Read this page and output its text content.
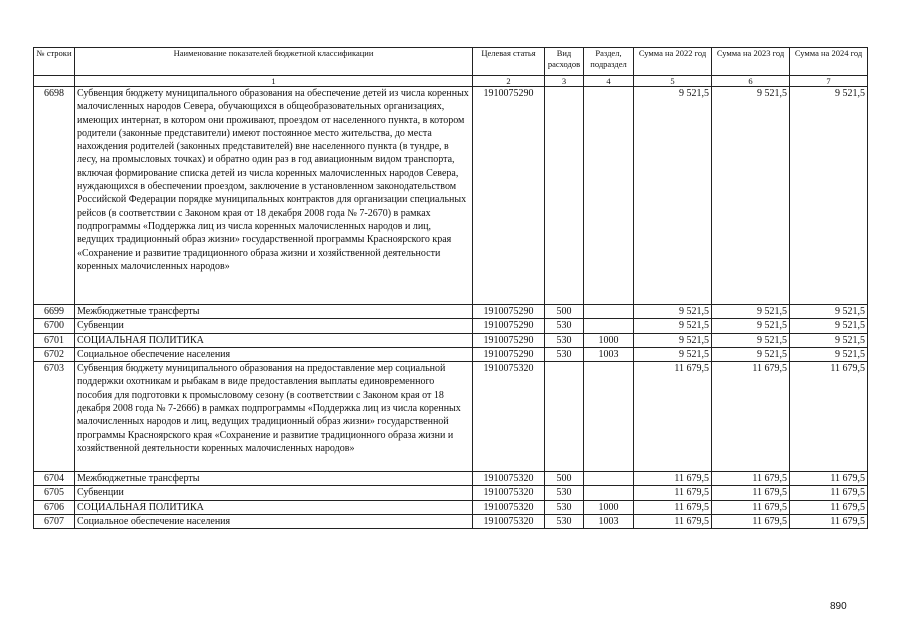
№ строки	Наименование показателей бюджетной классификации	Целевая статья	Вид расходов	Раздел, подраздел	Сумма на 2022 год	Сумма на 2023 год	Сумма на 2024 год
	1	2	3	4	5	6	7
6698	Субвенция бюджету муниципального образования на обеспечение детей из числа коренных малочисленных народов Севера, обучающихся в общеобразовательных организациях, имеющих интернат, в котором они проживают, проездом от населенного пункта, в котором родители (законные представители) имеют постоянное место жительства, до места нахождения родителей (законных представителей) вне населенного пункта (в тундре, в лесу, на промысловых точках) и обратно один раз в год авиационным видом транспорта, включая формирование списка детей из числа коренных малочисленных народов Севера, нуждающихся в обеспечении проездом, заключение в установленном законодательством Российской Федерации порядке муниципальных контрактов для организации специальных рейсов (в соответствии с Законом края от 18 декабря 2008 года № 7-2670) в рамках подпрограммы «Поддержка лиц из числа коренных малочисленных народов и лиц, ведущих традиционный образ жизни» государственной программы Красноярского края «Сохранение и развитие традиционного образа жизни и хозяйственной деятельности коренных малочисленных народов»	1910075290			9 521,5	9 521,5	9 521,5
6699	Межбюджетные трансферты	1910075290	500		9 521,5	9 521,5	9 521,5
6700	Субвенции	1910075290	530		9 521,5	9 521,5	9 521,5
6701	СОЦИАЛЬНАЯ ПОЛИТИКА	1910075290	530	1000	9 521,5	9 521,5	9 521,5
6702	Социальное обеспечение населения	1910075290	530	1003	9 521,5	9 521,5	9 521,5
6703	Субвенция бюджету муниципального образования на предоставление мер социальной поддержки охотникам и рыбакам в виде предоставления выплаты единовременного пособия для подготовки к промысловому сезону (в соответствии с Законом края от 18 декабря 2008 года № 7-2666) в рамках подпрограммы «Поддержка лиц из числа коренных малочисленных народов и лиц, ведущих традиционный образ жизни» государственной программы Красноярского края «Сохранение и развитие традиционного образа жизни и хозяйственной деятельности коренных малочисленных народов»	1910075320			11 679,5	11 679,5	11 679,5
6704	Межбюджетные трансферты	1910075320	500		11 679,5	11 679,5	11 679,5
6705	Субвенции	1910075320	530		11 679,5	11 679,5	11 679,5
6706	СОЦИАЛЬНАЯ ПОЛИТИКА	1910075320	530	1000	11 679,5	11 679,5	11 679,5
6707	Социальное обеспечение населения	1910075320	530	1003	11 679,5	11 679,5	11 679,5
890
